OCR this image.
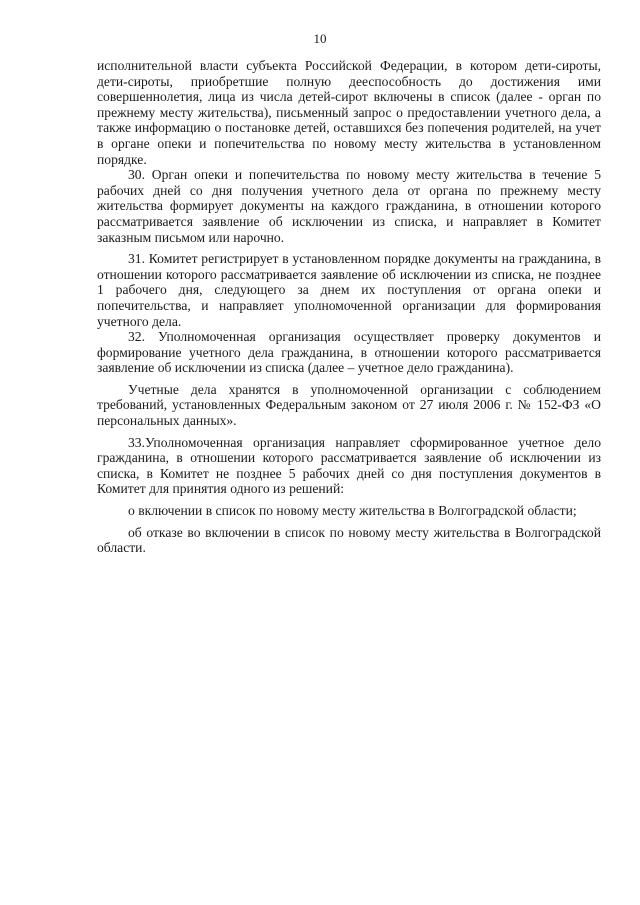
10

исполнительной власти субъекта Российской Федерации, в котором дети-сироты, дети-сироты, приобретшие полную дееспособность до достижения ими совершеннолетия, лица из числа детей-сирот включены в список (далее - орган по прежнему месту жительства), письменный запрос о предоставлении учетного дела, а также информацию о постановке детей, оставшихся без попечения родителей, на учет в органе опеки и попечительства по новому месту жительства в установленном порядке.

30. Орган опеки и попечительства по новому месту жительства в течение 5 рабочих дней со дня получения учетного дела от органа по прежнему месту жительства формирует документы на каждого гражданина, в отношении которого рассматривается заявление об исключении из списка, и направляет в Комитет заказным письмом или нарочно.

31. Комитет регистрирует в установленном порядке документы на гражданина, в отношении которого рассматривается заявление об исключении из списка, не позднее 1 рабочего дня, следующего за днем их поступления от органа опеки и попечительства, и направляет уполномоченной организации для формирования учетного дела.

32. Уполномоченная организация осуществляет проверку документов и формирование учетного дела гражданина, в отношении которого рассматривается заявление об исключении из списка (далее – учетное дело гражданина).

Учетные дела хранятся в уполномоченной организации с соблюдением требований, установленных Федеральным законом от 27 июля 2006 г. № 152-ФЗ «О персональных данных».

33.Уполномоченная организация направляет сформированное учетное дело гражданина, в отношении которого рассматривается заявление об исключении из списка, в Комитет не позднее 5 рабочих дней со дня поступления документов в Комитет для принятия одного из решений:

о включении в список по новому месту жительства в Волгоградской области;

об отказе во включении в список по новому месту жительства в Волгоградской области.
